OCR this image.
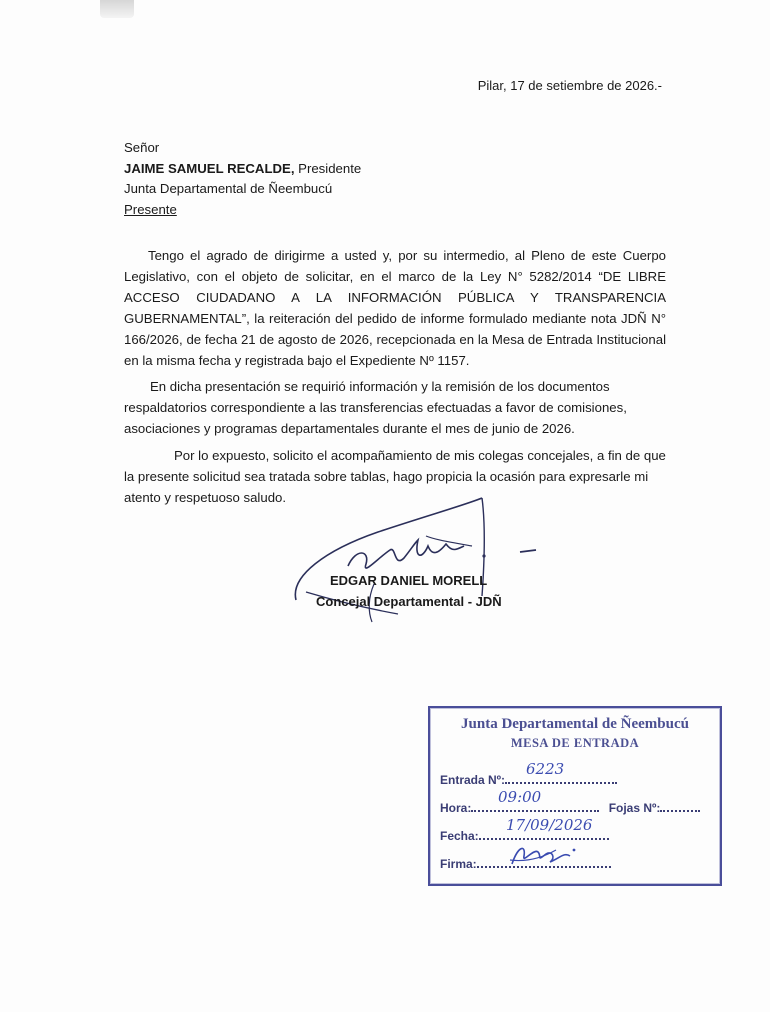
Pilar, 17 de setiembre de 2026.-
Señor
JAIME SAMUEL RECALDE, Presidente
Junta Departamental de Ñeembucú
Presente

Tengo el agrado de dirigirme a usted y, por su intermedio, al Pleno de este Cuerpo Legislativo, con el objeto de solicitar, en el marco de la Ley N° 5282/2014 “DE LIBRE ACCESO CIUDADANO A LA INFORMACIÓN PÚBLICA Y TRANSPARENCIA GUBERNAMENTAL”, la reiteración del pedido de informe formulado mediante nota JDÑ N° 166/2026, de fecha 21 de agosto de 2026, recepcionada en la Mesa de Entrada Institucional en la misma fecha y registrada bajo el Expediente Nº 1157.

En dicha presentación se requirió información y la remisión de los documentos respaldatorios correspondiente a las transferencias efectuadas a favor de comisiones, asociaciones y programas departamentales durante el mes de junio de 2026.

Por lo expuesto, solicito el acompañamiento de mis colegas concejales, a fin de que la presente solicitud sea tratada sobre tablas, hago propicia la ocasión para expresarle mi atento y respetuoso saludo.

EDGAR DANIEL MORELL
Concejal Departamental - JDÑ
Junta Departamental de Ñeembucú
MESA DE ENTRADA
Entrada Nº:
6223
Hora:	Fojas Nº:
09:00
Fecha:
17/09/2026
Firma:
